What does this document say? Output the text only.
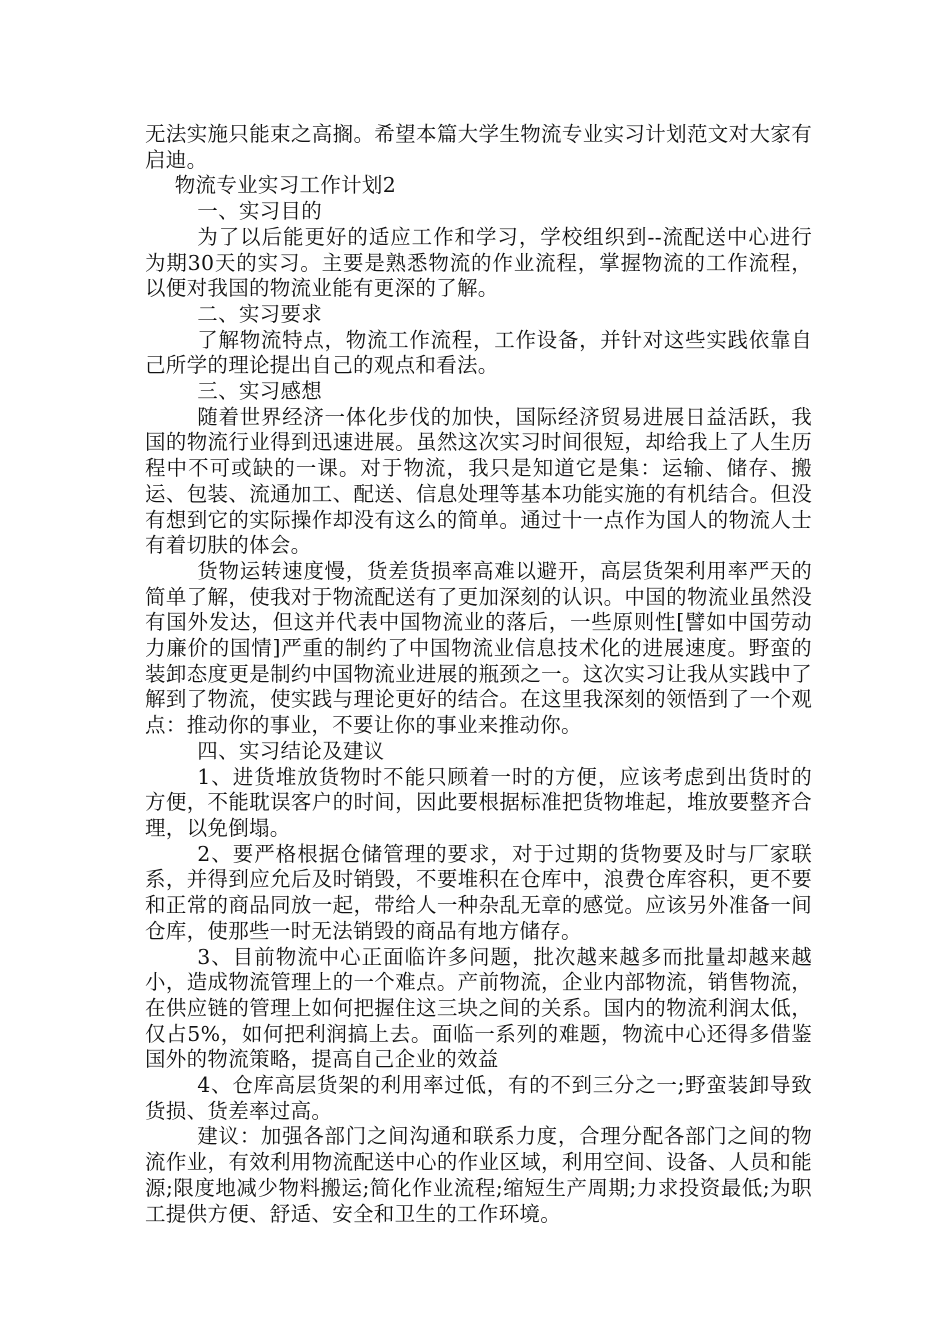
无法实施只能束之高搁。希望本篇大学生物流专业实习计划范文对大家有启迪。

物流专业实习工作计划2

一、实习目的

为了以后能更好的适应工作和学习，学校组织到--流配送中心进行为期30天的实习。主要是熟悉物流的作业流程，掌握物流的工作流程，以便对我国的物流业能有更深的了解。

二、实习要求

了解物流特点，物流工作流程，工作设备，并针对这些实践依靠自己所学的理论提出自己的观点和看法。

三、实习感想

随着世界经济一体化步伐的加快，国际经济贸易进展日益活跃，我国的物流行业得到迅速进展。虽然这次实习时间很短，却给我上了人生历程中不可或缺的一课。对于物流，我只是知道它是集：运输、储存、搬运、包装、流通加工、配送、信息处理等基本功能实施的有机结合。但没有想到它的实际操作却没有这么的简单。通过十一点作为国人的物流人士有着切肤的体会。

货物运转速度慢，货差货损率高难以避开，高层货架利用率严天的简单了解，使我对于物流配送有了更加深刻的认识。中国的物流业虽然没有国外发达，但这并代表中国物流业的落后，一些原则性[譬如中国劳动力廉价的国情]严重的制约了中国物流业信息技术化的进展速度。野蛮的装卸态度更是制约中国物流业进展的瓶颈之一。这次实习让我从实践中了解到了物流，使实践与理论更好的结合。在这里我深刻的领悟到了一个观点：推动你的事业，不要让你的事业来推动你。

四、实习结论及建议

1、进货堆放货物时不能只顾着一时的方便，应该考虑到出货时的方便，不能耽误客户的时间，因此要根据标准把货物堆起，堆放要整齐合理，以免倒塌。

2、要严格根据仓储管理的要求，对于过期的货物要及时与厂家联系，并得到应允后及时销毁，不要堆积在仓库中，浪费仓库容积，更不要和正常的商品同放一起，带给人一种杂乱无章的感觉。应该另外准备一间仓库，使那些一时无法销毁的商品有地方储存。

3、目前物流中心正面临许多问题，批次越来越多而批量却越来越小，造成物流管理上的一个难点。产前物流，企业内部物流，销售物流，在供应链的管理上如何把握住这三块之间的关系。国内的物流利润太低，仅占5%，如何把利润搞上去。面临一系列的难题，物流中心还得多借鉴国外的物流策略，提高自己企业的效益

4、仓库高层货架的利用率过低，有的不到三分之一;野蛮装卸导致货损、货差率过高。

建议：加强各部门之间沟通和联系力度，合理分配各部门之间的物流作业，有效利用物流配送中心的作业区域，利用空间、设备、人员和能源;限度地减少物料搬运;简化作业流程;缩短生产周期;力求投资最低;为职工提供方便、舒适、安全和卫生的工作环境。
